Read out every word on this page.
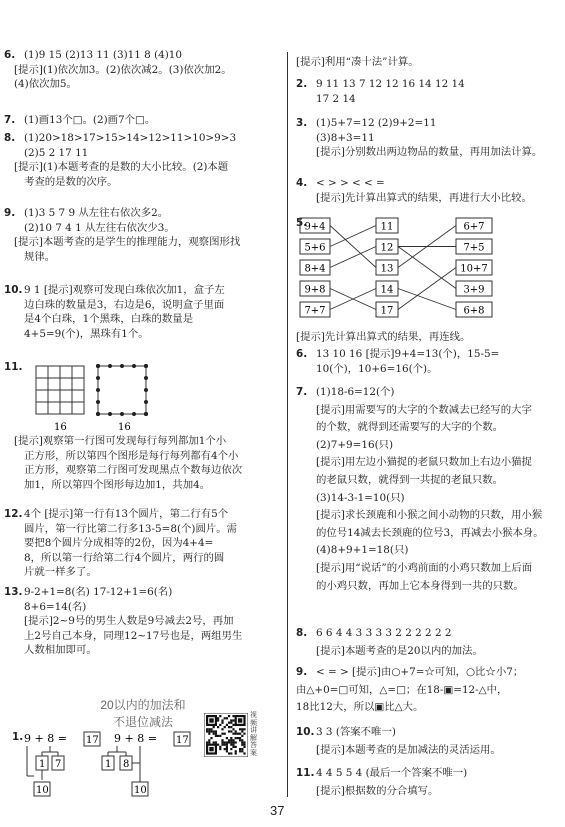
6. (1)9 15 (2)13 11 (3)11 8 (4)10
[提示](1)依次加3。(2)依次减2。(3)依次加2。
(4)依次加5。
7. (1)画13个□。(2)画7个□。
8. (1)20>18>17>15>14>12>11>10>9>3
(2)5 2 17 11
[提示](1)本题考查的是数的大小比较。(2)本题
考查的是数的次序。
9. (1)3 5 7 9 从左往右依次多2。
(2)10 7 4 1 从左往右依次少3。
[提示]本题考查的是学生的推理能力，观察图形找
规律。
10. 9 1 [提示]观察可发现白珠依次加1，盒子左
边白珠的数量是3，右边是6，说明盒子里面
是4个白珠，1个黑珠，白珠的数量是
4+5=9(个)，黑珠有1个。
11.
16	16
[提示]观察第一行图可发现每行每列都加1个小
正方形，所以第四个图形是每行每列都有4个小
正方形，观察第二行图可发现黑点个数每边依次
加1，所以第四个图形每边加1，共加4。
12. 4个 [提示]第一行有13个圆片，第二行有5个
圆片，第一行比第二行多13-5=8(个)圆片。需
要把8个圆片分成相等的2份，因为4+4=
8，所以第一行给第二行4个圆片，两行的圆
片就一样多了。
13. 9-2+1=8(名) 17-12+1=6(名)
8+6=14(名)
[提示]2~9号的男生人数是9号减去2号，再加
上2号自己本身，同理12~17号也是，两组男生
人数相加即可。
20以内的加法和
不退位减法	视频讲解答案
1. 9 + 8 = 17
1 7
10
9 + 8 = 17
1 8
10
[提示]利用“凑十法”计算。
2. 9 11 13 7 12 12 16 14 12 14
17 2 14
3. (1)5+7=12 (2)9+2=11
(3)8+3=11
[提示]分别数出两边物品的数量，再用加法计算。
4. < > > < < =
[提示]先计算出算式的结果，再进行大小比较。
5.
9+4
5+6
8+4
9+8
7+7
11
12
13
14
17
6+7
7+5
10+7
3+9
6+8
[提示]先计算出算式的结果，再连线。
6. 13 10 16 [提示]9+4=13(个)，15-5=
10(个)，10+6=16(个)。
7. (1)18-6=12(个)
[提示]用需要写的大字的个数减去已经写的大字
的个数，就得到还需要写的大字的个数。
(2)7+9=16(只)
[提示]用左边小猫捉的老鼠只数加上右边小猫捉
的老鼠只数，就得到一共捉的老鼠只数。
(3)14-3-1=10(只)
[提示]求长颈鹿和小猴之间小动物的只数，用小猴
的位号14减去长颈鹿的位号3，再减去小猴本身。
(4)8+9+1=18(只)
[提示]用“说话”的小鸡前面的小鸡只数加上后面
的小鸡只数，再加上它本身得到一共的只数。
8. 6 6 4 4 3 3 3 3 2 2 2 2 2 2
[提示]本题考查的是20以内的加法。
9. < = > [提示]由○+7=☆可知，○比☆小7；
由△+0=□可知，△=□；在18-▣=12-△中，
18比12大，所以▣比△大。
10. 3 3 (答案不唯一)
[提示]本题考查的是加减法的灵活运用。
11. 4 4 5 5 4 (最后一个答案不唯一)
[提示]根据数的分合填写。
37
